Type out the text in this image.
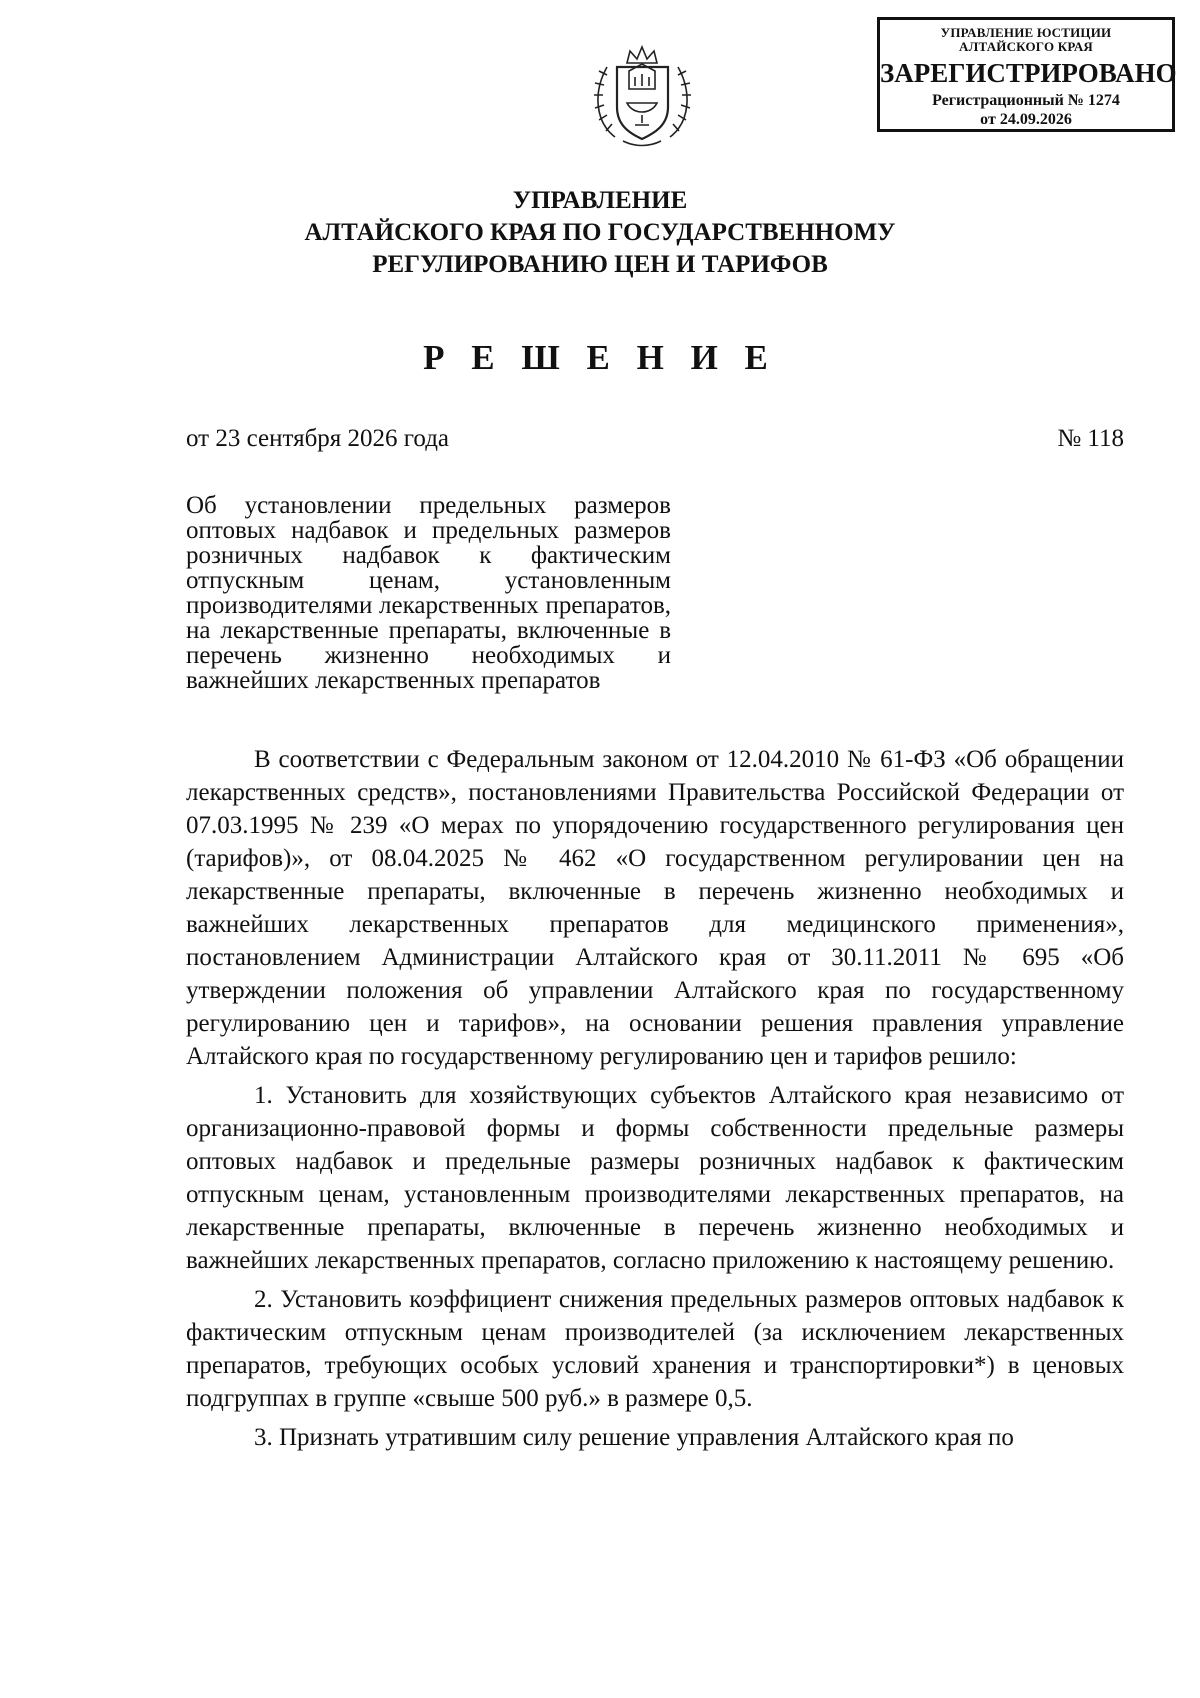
УПРАВЛЕНИЕ ЮСТИЦИИ
АЛТАЙСКОГО КРАЯ
ЗАРЕГИСТРИРОВАНО
Регистрационный № 1274
от 24.09.2026
УПРАВЛЕНИЕ
АЛТАЙСКОГО КРАЯ ПО ГОСУДАРСТВЕННОМУ
РЕГУЛИРОВАНИЮ ЦЕН И ТАРИФОВ
Р Е Ш Е Н И Е
от 23 сентября 2026 года	№ 118
Об установлении предельных размеров оптовых надбавок и предельных размеров розничных надбавок к фактическим отпускным ценам, установленным производителями лекарственных препаратов, на лекарственные препараты, включенные в перечень жизненно необходимых и важнейших лекарственных препаратов

В соответствии с Федеральным законом от 12.04.2010 № 61-ФЗ «Об обращении лекарственных средств», постановлениями Правительства Российской Федерации от 07.03.1995 № 239 «О мерах по упорядочению государственного регулирования цен (тарифов)», от 08.04.2025 № 462 «О государственном регулировании цен на лекарственные препараты, включенные в перечень жизненно необходимых и важнейших лекарственных препаратов для медицинского применения», постановлением Администрации Алтайского края от 30.11.2011 № 695 «Об утверждении положения об управлении Алтайского края по государственному регулированию цен и тарифов», на основании решения правления управление Алтайского края по государственному регулированию цен и тарифов решило:

1. Установить для хозяйствующих субъектов Алтайского края независимо от организационно-правовой формы и формы собственности предельные размеры оптовых надбавок и предельные размеры розничных надбавок к фактическим отпускным ценам, установленным производителями лекарственных препаратов, на лекарственные препараты, включенные в перечень жизненно необходимых и важнейших лекарственных препаратов, согласно приложению к настоящему решению.

2. Установить коэффициент снижения предельных размеров оптовых надбавок к фактическим отпускным ценам производителей (за исключением лекарственных препаратов, требующих особых условий хранения и транспортировки*) в ценовых подгруппах в группе «свыше 500 руб.» в размере 0,5.

3. Признать утратившим силу решение управления Алтайского края по
